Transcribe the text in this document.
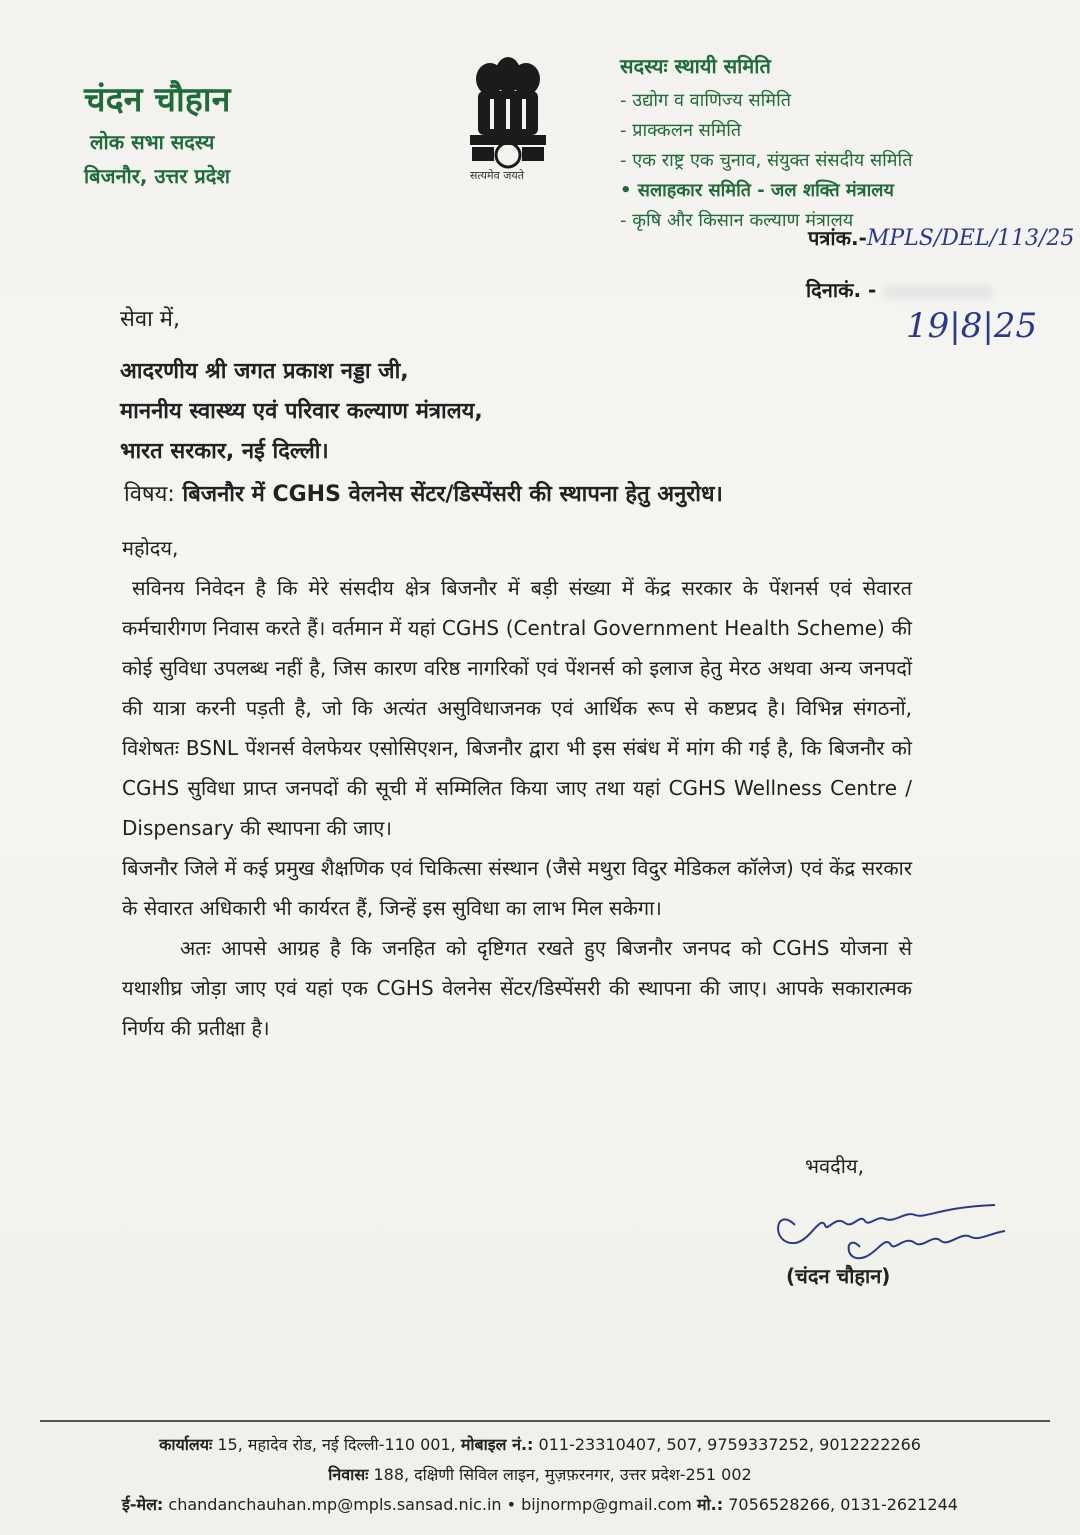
चंदन चौहान

लोक सभा सदस्य

बिजनौर, उत्तर प्रदेश	सत्यमेव जयते

सदस्यः स्थायी समिति

- उद्योग व वाणिज्य समिति

- प्राक्कलन समिति

- एक राष्ट्र एक चुनाव, संयुक्त संसदीय समिति

• सलाहकार समिति - जल शक्ति मंत्रालय

- कृषि और किसान कल्याण मंत्रालय

पत्रांक.-MPLS/DEL/113/25
दिनाकं. -
19|8|25

सेवा में,

आदरणीय श्री जगत प्रकाश नड्डा जी,

माननीय स्वास्थ्य एवं परिवार कल्याण मंत्रालय,

भारत सरकार, नई दिल्ली।

विषय: बिजनौर में CGHS वेलनेस सेंटर/डिस्पेंसरी की स्थापना हेतु अनुरोध।

महोदय,

सविनय निवेदन है कि मेरे संसदीय क्षेत्र बिजनौर में बड़ी संख्या में केंद्र सरकार के पेंशनर्स एवं सेवारत कर्मचारीगण निवास करते हैं। वर्तमान में यहां CGHS (Central Government Health Scheme) की कोई सुविधा उपलब्ध नहीं है, जिस कारण वरिष्ठ नागरिकों एवं पेंशनर्स को इलाज हेतु मेरठ अथवा अन्य जनपदों की यात्रा करनी पड़ती है, जो कि अत्यंत असुविधाजनक एवं आर्थिक रूप से कष्टप्रद है। विभिन्न संगठनों, विशेषतः BSNL पेंशनर्स वेलफेयर एसोसिएशन, बिजनौर द्वारा भी इस संबंध में मांग की गई है, कि बिजनौर को CGHS सुविधा प्राप्त जनपदों की सूची में सम्मिलित किया जाए तथा यहां CGHS Wellness Centre / Dispensary की स्थापना की जाए।

बिजनौर जिले में कई प्रमुख शैक्षणिक एवं चिकित्सा संस्थान (जैसे मथुरा विदुर मेडिकल कॉलेज) एवं केंद्र सरकार के सेवारत अधिकारी भी कार्यरत हैं, जिन्हें इस सुविधा का लाभ मिल सकेगा।

अतः आपसे आग्रह है कि जनहित को दृष्टिगत रखते हुए बिजनौर जनपद को CGHS योजना से यथाशीघ्र जोड़ा जाए एवं यहां एक CGHS वेलनेस सेंटर/डिस्पेंसरी की स्थापना की जाए। आपके सकारात्मक निर्णय की प्रतीक्षा है।

भवदीय,
(चंदन चौहान)

कार्यालयः 15, महादेव रोड, नई दिल्ली-110 001, मोबाइल नं.: 011-23310407, 507, 9759337252, 9012222266

निवासः 188, दक्षिणी सिविल लाइन, मुज़फ़रनगर, उत्तर प्रदेश-251 002

ई-मेल: chandanchauhan.mp@mpls.sansad.nic.in • bijnormp@gmail.com मो.: 7056528266, 0131-2621244
